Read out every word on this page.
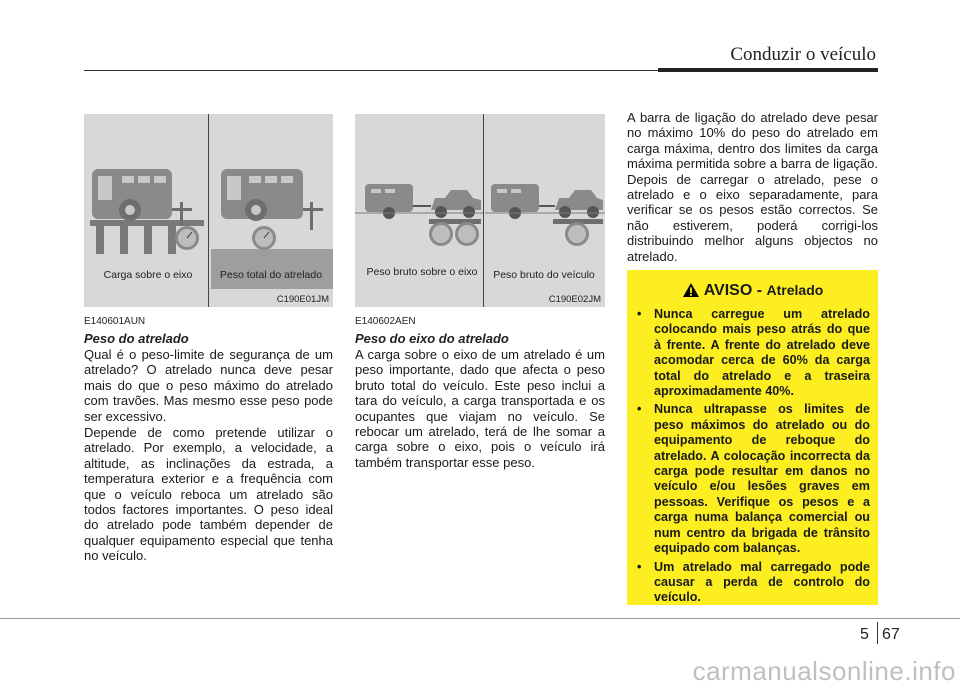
Conduzir o veículo
Carga sobre o eixo	Peso total do atrelado
C190E01JM
Peso bruto sobre o eixo	Peso bruto do veículo
C190E02JM
E140601AUN
Peso do atrelado

Qual é o peso-limite de segurança de um atrelado? O atrelado nunca deve pesar mais do que o peso máximo do atrelado com travões. Mas mesmo esse peso pode ser excessivo.

Depende de como pretende utilizar o atrelado. Por exemplo, a velocidade, a altitude, as inclinações da estrada, a temperatura exterior e a frequência com que o veículo reboca um atrelado são todos factores importantes. O peso ideal do atrelado pode também depender de qualquer equipamento especial que tenha no veículo.

E140602AEN
Peso do eixo do atrelado

A carga sobre o eixo de um atrelado é um peso importante, dado que afecta o peso bruto total do veículo. Este peso inclui a tara do veículo, a carga transportada e os ocupantes que viajam no veículo. Se rebocar um atrelado, terá de lhe somar a carga sobre o eixo, pois o veículo irá também transportar esse peso.

A barra de ligação do atrelado deve pesar no máximo 10% do peso do atrelado em carga máxima, dentro dos limites da carga máxima permitida sobre a barra de ligação. Depois de carregar o atrelado, pese o atrelado e o eixo separadamente, para verificar se os pesos estão correctos. Se não estiverem, poderá corrigi-los distribuindo melhor alguns objectos no atrelado.

AVISO - Atrelado
• Nunca carregue um atrelado colocando mais peso atrás do que à frente. A frente do atrelado deve acomodar cerca de 60% da carga total do atrelado e a traseira aproximadamente 40%.
• Nunca ultrapasse os limites de peso máximos do atrelado ou do equipamento de reboque do atrelado. A colocação incorrecta da carga pode resultar em danos no veículo e/ou lesões graves em pessoas. Verifique os pesos e a carga numa balança comercial ou num centro da brigada de trânsito equipado com balanças.
• Um atrelado mal carregado pode causar a perda de controlo do veículo.
5 67
carmanualsonline.info
